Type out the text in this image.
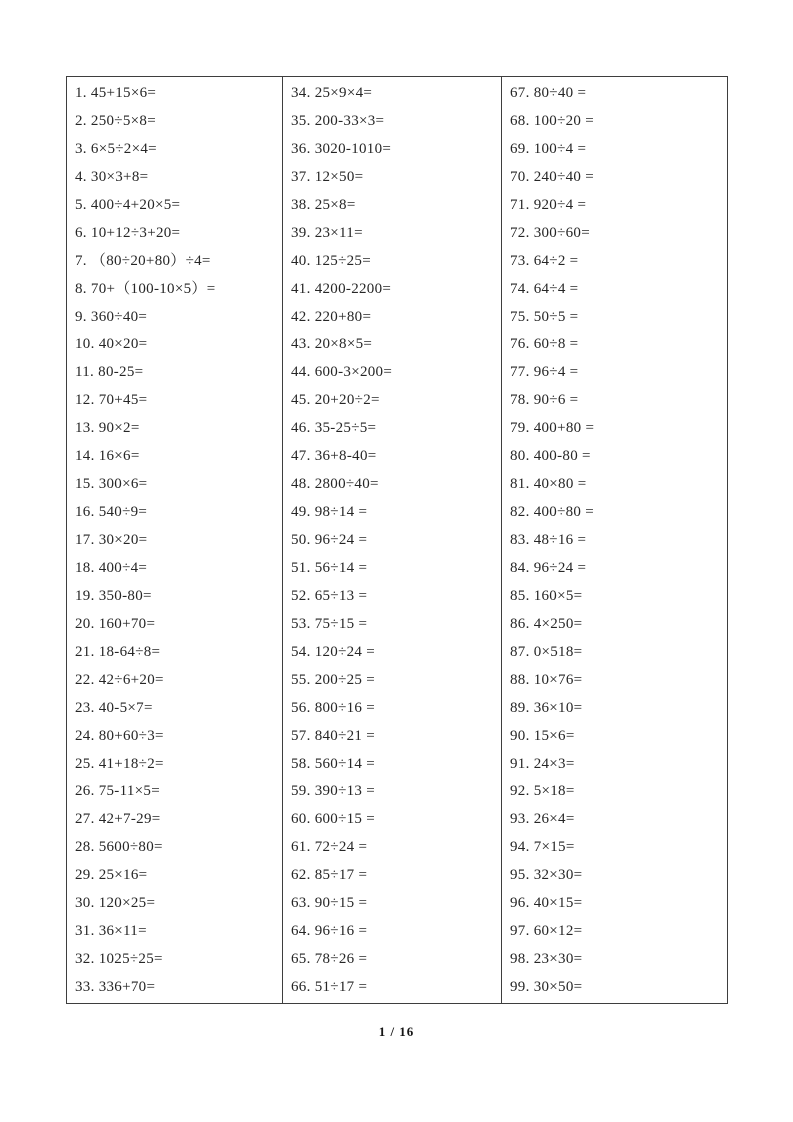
1. 45+15×6=
2. 250÷5×8=
3. 6×5÷2×4=
4. 30×3+8=
5. 400÷4+20×5=
6. 10+12÷3+20=
7. （80÷20+80）÷4=
8. 70+（100-10×5）=
9. 360÷40=
10. 40×20=
11. 80-25=
12. 70+45=
13. 90×2=
14. 16×6=
15. 300×6=
16. 540÷9=
17. 30×20=
18. 400÷4=
19. 350-80=
20. 160+70=
21. 18-64÷8=
22. 42÷6+20=
23. 40-5×7=
24. 80+60÷3=
25. 41+18÷2=
26. 75-11×5=
27. 42+7-29=
28. 5600÷80=
29. 25×16=
30. 120×25=
31. 36×11=
32. 1025÷25=
33. 336+70=
34. 25×9×4=
35. 200-33×3=
36. 3020-1010=
37. 12×50=
38. 25×8=
39. 23×11=
40. 125÷25=
41. 4200-2200=
42. 220+80=
43. 20×8×5=
44. 600-3×200=
45. 20+20÷2=
46. 35-25÷5=
47. 36+8-40=
48. 2800÷40=
49. 98÷14 =
50. 96÷24 =
51. 56÷14 =
52. 65÷13 =
53. 75÷15 =
54. 120÷24 =
55. 200÷25 =
56. 800÷16 =
57. 840÷21 =
58. 560÷14 =
59. 390÷13 =
60. 600÷15 =
61. 72÷24 =
62. 85÷17 =
63. 90÷15 =
64. 96÷16 =
65. 78÷26 =
66. 51÷17 =
67. 80÷40 =
68. 100÷20 =
69. 100÷4 =
70. 240÷40 =
71. 920÷4 =
72. 300÷60=
73. 64÷2 =
74. 64÷4 =
75. 50÷5 =
76. 60÷8 =
77. 96÷4 =
78. 90÷6 =
79. 400+80 =
80. 400-80 =
81. 40×80 =
82. 400÷80 =
83. 48÷16 =
84. 96÷24 =
85. 160×5=
86. 4×250=
87. 0×518=
88. 10×76=
89. 36×10=
90. 15×6=
91. 24×3=
92. 5×18=
93. 26×4=
94. 7×15=
95. 32×30=
96. 40×15=
97. 60×12=
98. 23×30=
99. 30×50=
1 / 16
